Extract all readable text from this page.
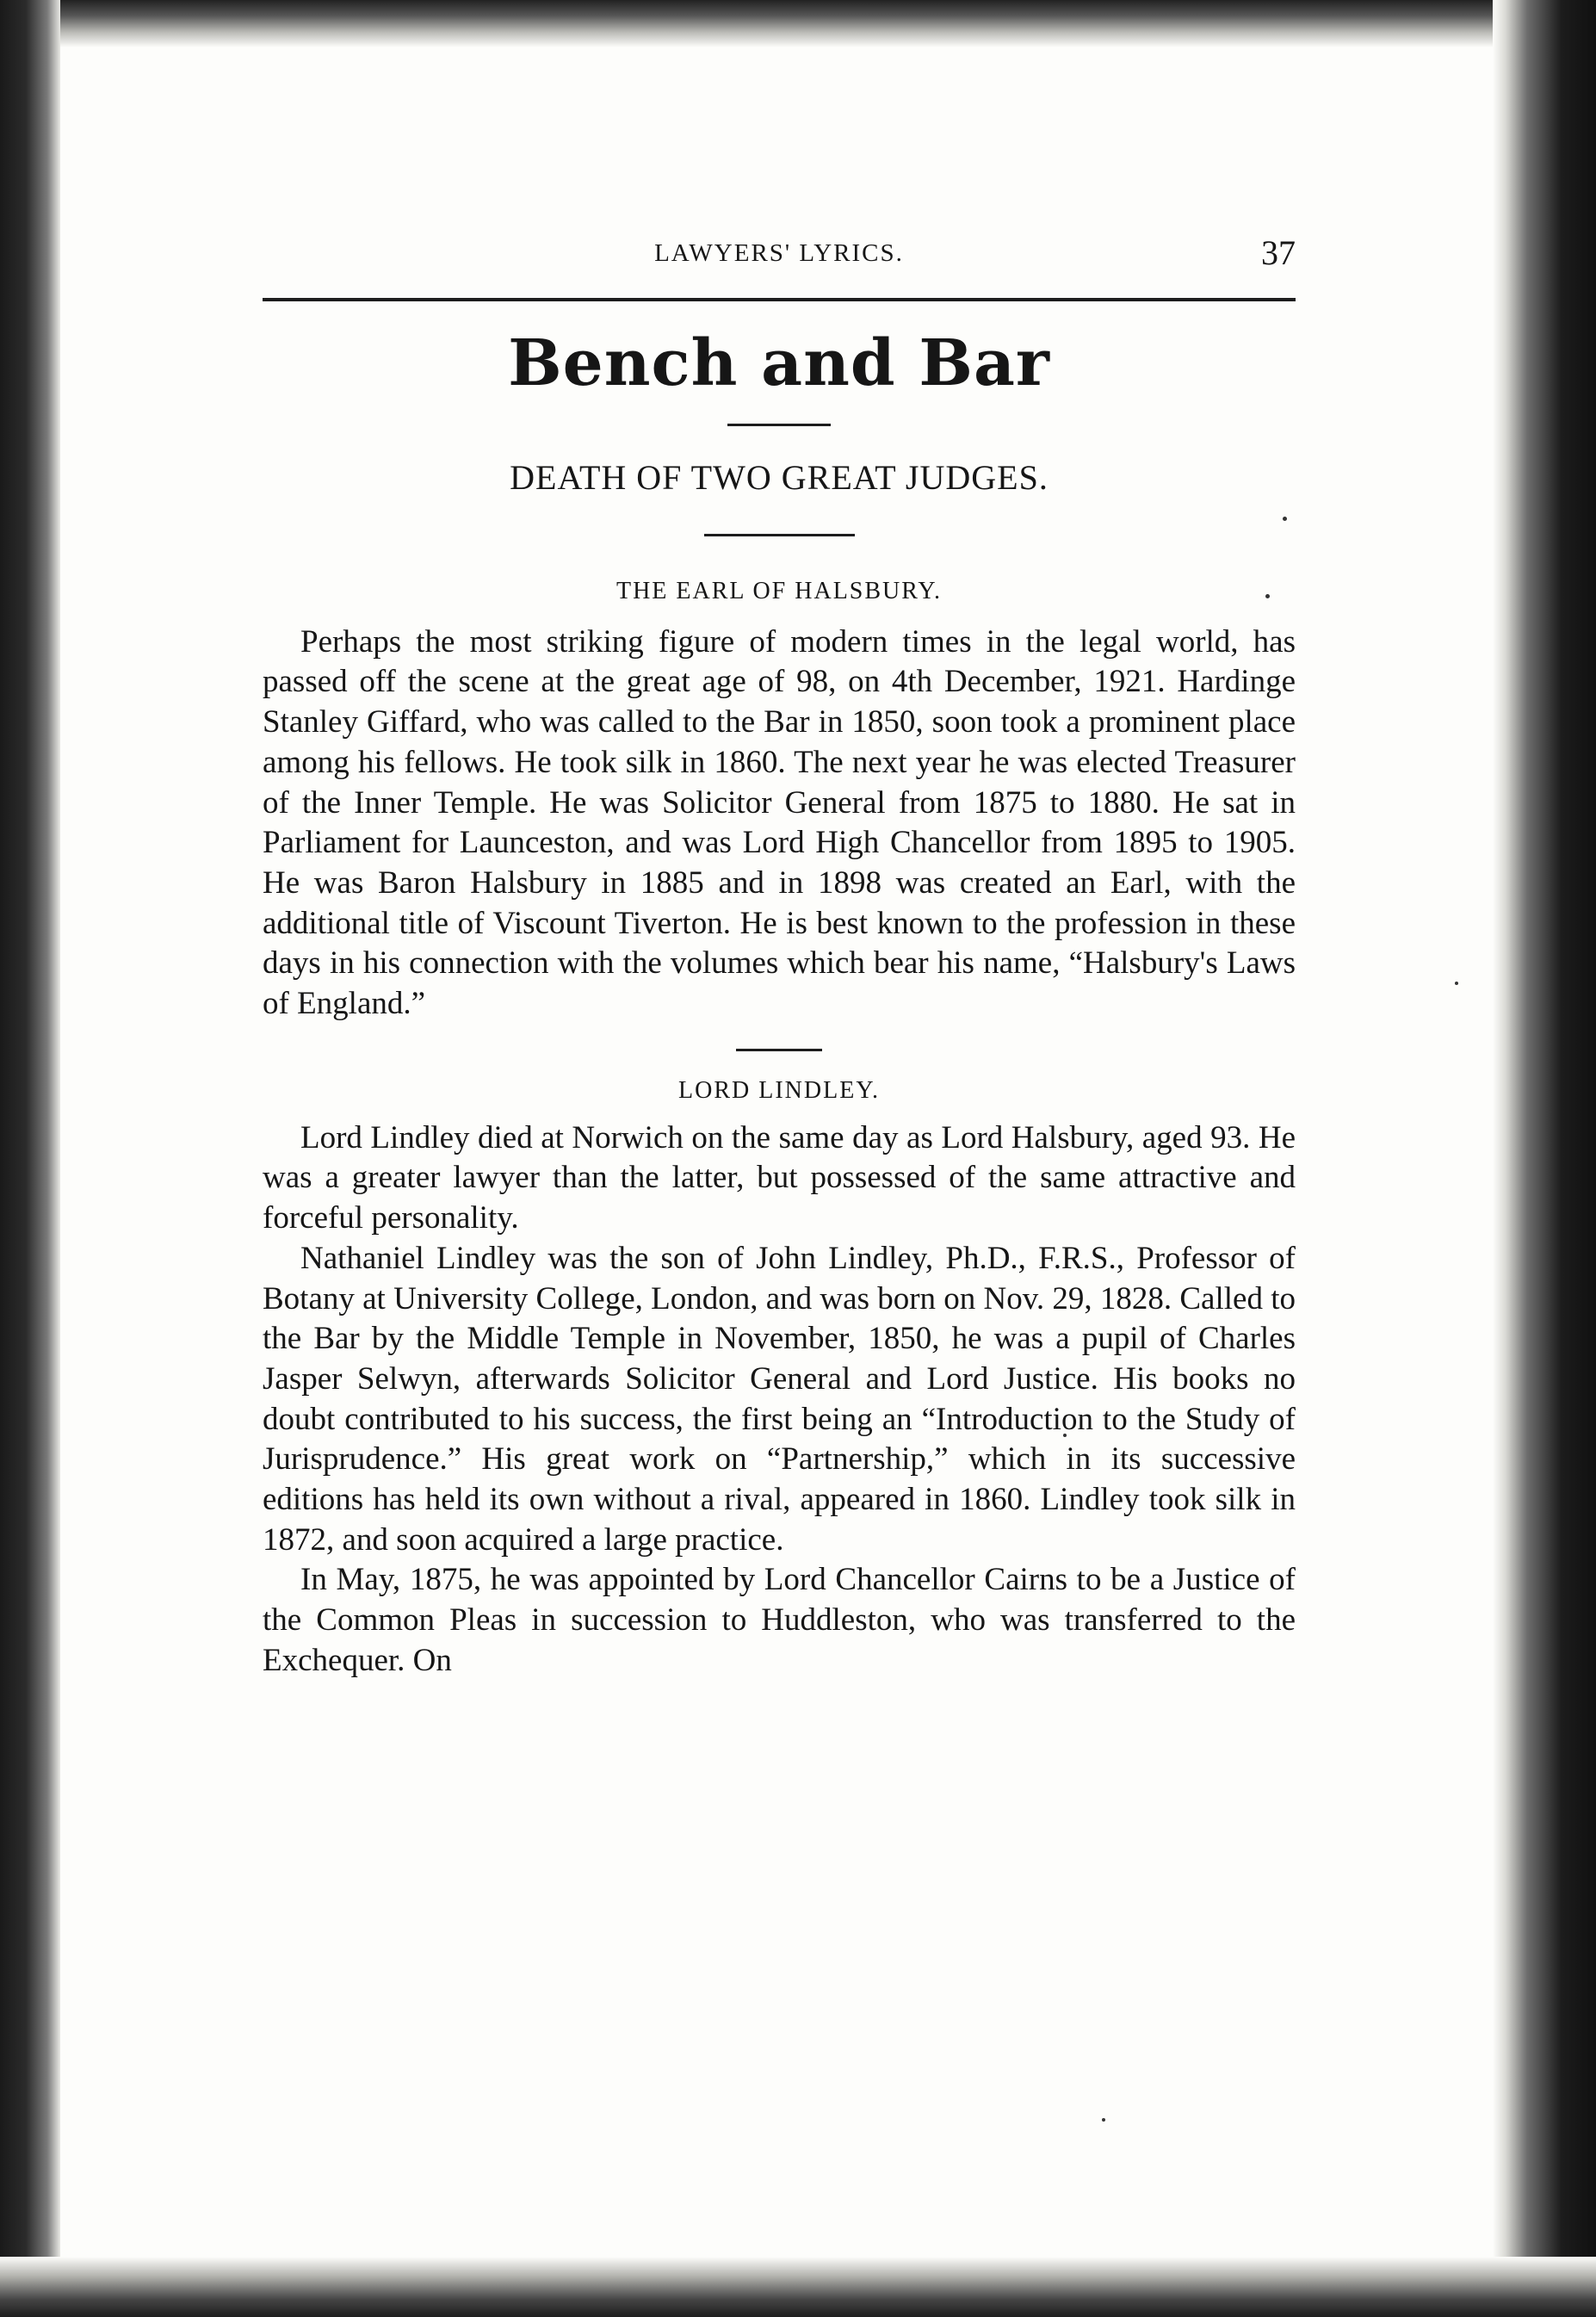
LAWYERS' LYRICS.	37
Bench and Bar
DEATH OF TWO GREAT JUDGES.
THE EARL OF HALSBURY.

Perhaps the most striking figure of modern times in the legal world, has passed off the scene at the great age of 98, on 4th December, 1921. Hardinge Stanley Giffard, who was called to the Bar in 1850, soon took a prominent place among his fellows. He took silk in 1860. The next year he was elected Treasurer of the Inner Temple. He was Solicitor General from 1875 to 1880. He sat in Parliament for Launceston, and was Lord High Chancellor from 1895 to 1905. He was Baron Halsbury in 1885 and in 1898 was created an Earl, with the additional title of Viscount Tiverton. He is best known to the profession in these days in his connection with the volumes which bear his name, “Halsbury's Laws of England.”

LORD LINDLEY.

Lord Lindley died at Norwich on the same day as Lord Halsbury, aged 93. He was a greater lawyer than the latter, but possessed of the same attractive and forceful personality.

Nathaniel Lindley was the son of John Lindley, Ph.D., F.R.S., Professor of Botany at University College, London, and was born on Nov. 29, 1828. Called to the Bar by the Middle Temple in November, 1850, he was a pupil of Charles Jasper Selwyn, afterwards Solicitor General and Lord Justice. His books no doubt contributed to his success, the first being an “Introduction to the Study of Jurisprudence.” His great work on “Partnership,” which in its successive editions has held its own without a rival, appeared in 1860. Lindley took silk in 1872, and soon acquired a large practice.

In May, 1875, he was appointed by Lord Chancellor Cairns to be a Justice of the Common Pleas in succession to Huddleston, who was transferred to the Exchequer. On
